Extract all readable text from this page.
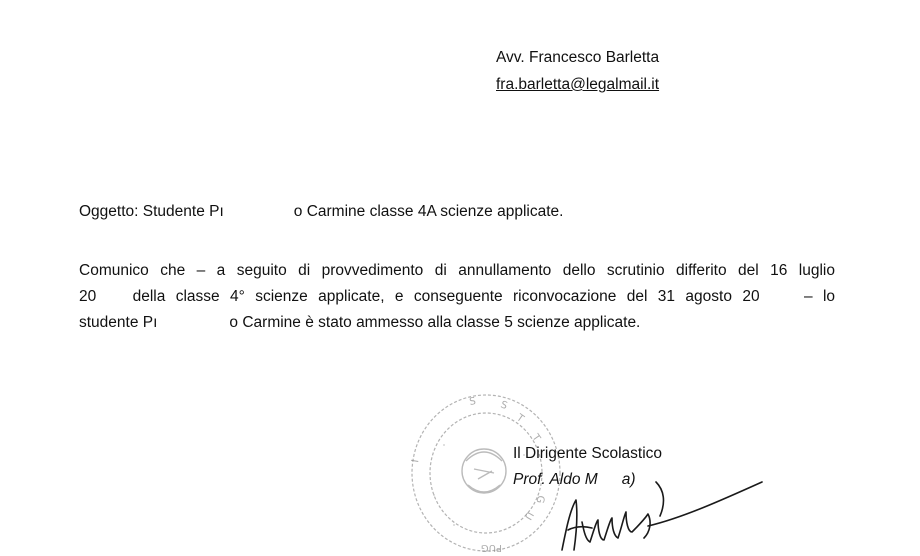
Avv. Francesco Barletta
fra.barletta@legalmail.it
Oggetto: Studente Pı	o Carmine classe 4A scienze applicate.
Comunico che – a seguito di provvedimento di annullamento dello scrutinio differito del 16 luglio
20 della classe 4° scienze applicate, e conseguente riconvocazione del 31 agosto 20	– lo
studente Pı	o Carmine è stato ammesso alla classe 5 scienze applicate.
S
T
T
S
U
G
PUG
I	Il Dirigente Scolastico
Prof. Aldo M a)
